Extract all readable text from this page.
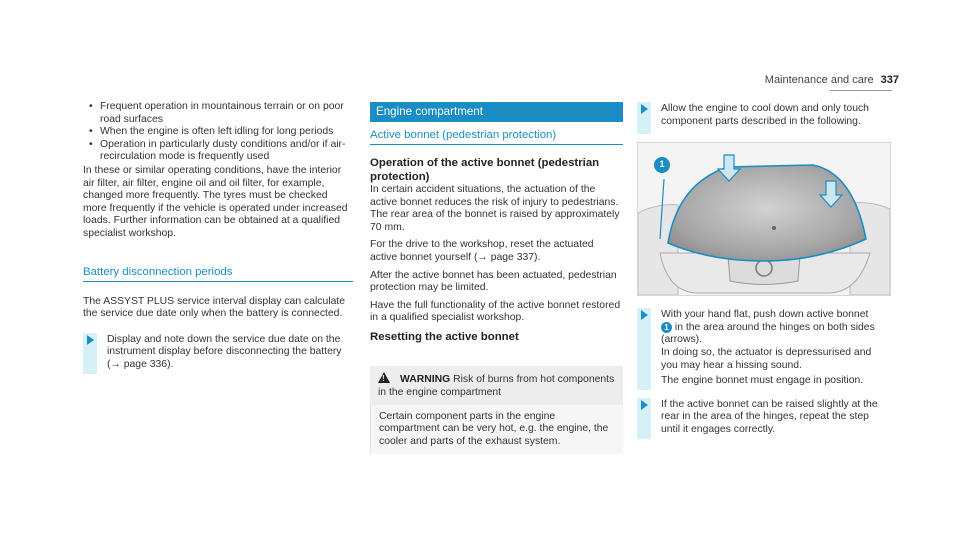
Maintenance and care 337
• Frequent operation in mountainous terrain or on poor road surfaces
• When the engine is often left idling for long periods
• Operation in particularly dusty conditions and/or if air-recirculation mode is frequently used

In these or similar operating conditions, have the interior air filter, air filter, engine oil and oil filter, for example, changed more frequently. The tyres must be checked more frequently if the vehicle is operated under increased loads. Further information can be obtained at a qualified specialist workshop.

Battery disconnection periods

The ASSYST PLUS service interval display can calculate the service due date only when the battery is connected.

Display and note down the service due date on the instrument display before disconnecting the battery (→ page 336).

Engine compartment

Active bonnet (pedestrian protection)

Operation of the active bonnet (pedestrian protection)

In certain accident situations, the actuation of the active bonnet reduces the risk of injury to pedestrians. The rear area of the bonnet is raised by approximately 70 mm.

For the drive to the workshop, reset the actuated active bonnet yourself (→ page 337).

After the active bonnet has been actuated, pedestrian protection may be limited.

Have the full functionality of the active bonnet restored in a qualified specialist workshop.

Resetting the active bonnet

! WARNING Risk of burns from hot components in the engine compartment
Certain component parts in the engine compartment can be very hot, e.g. the engine, the cooler and parts of the exhaust system.

Allow the engine to cool down and only touch component parts described in the following.

1

With your hand flat, push down active bonnet
1 in the area around the hinges on both sides (arrows).

In doing so, the actuator is depressurised and you may hear a hissing sound.

The engine bonnet must engage in position.

If the active bonnet can be raised slightly at the rear in the area of the hinges, repeat the step until it engages correctly.
